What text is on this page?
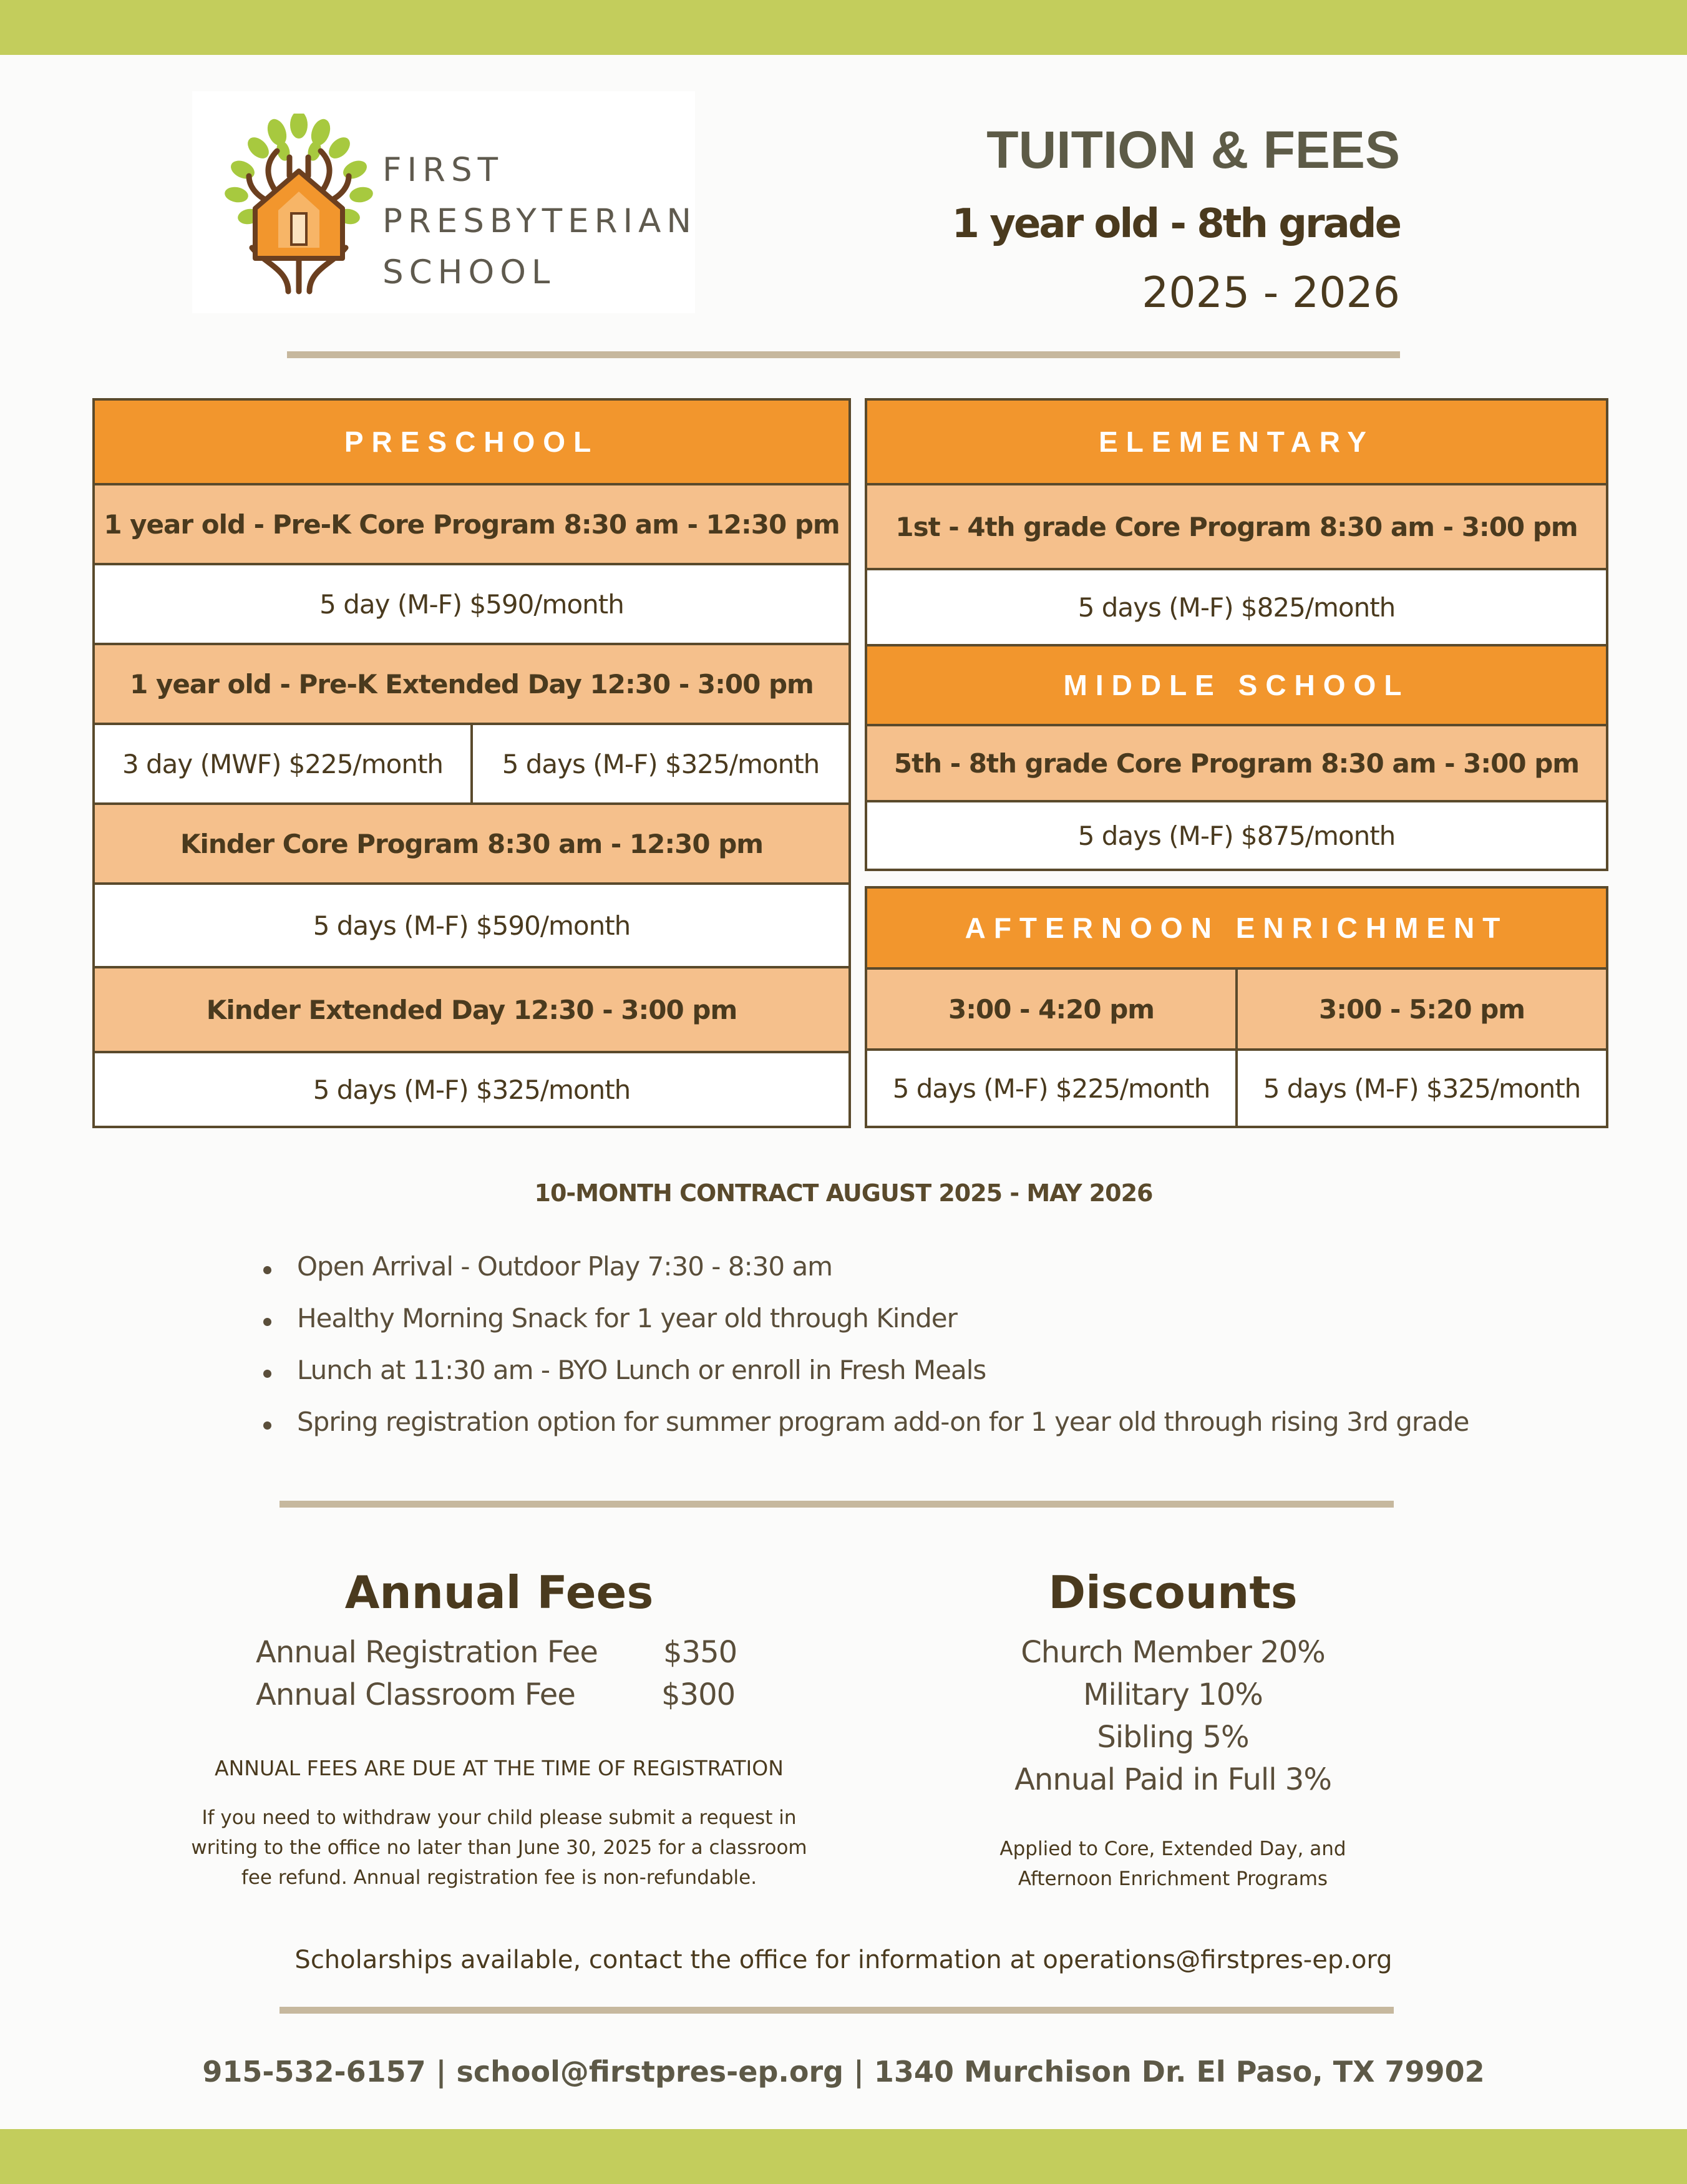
FIRST
PRESBYTERIAN
SCHOOL
TUITION & FEES
1 year old - 8th grade
2025 - 2026
PRESCHOOL
1 year old - Pre-K Core Program 8:30 am - 12:30 pm
5 day (M-F) $590/month
1 year old - Pre-K Extended Day 12:30 - 3:00 pm
3 day (MWF) $225/month	5 days (M-F) $325/month
Kinder Core Program 8:30 am - 12:30 pm
5 days (M-F) $590/month
Kinder Extended Day 12:30 - 3:00 pm
5 days (M-F) $325/month
ELEMENTARY
1st - 4th grade Core Program 8:30 am - 3:00 pm
5 days (M-F) $825/month
MIDDLE SCHOOL
5th - 8th grade Core Program 8:30 am - 3:00 pm
5 days (M-F) $875/month
AFTERNOON ENRICHMENT
3:00 - 4:20 pm	3:00 - 5:20 pm
5 days (M-F) $225/month	5 days (M-F) $325/month
10-MONTH CONTRACT AUGUST 2025 - MAY 2026
Open Arrival - Outdoor Play 7:30 - 8:30 am
Healthy Morning Snack for 1 year old through Kinder
Lunch at 11:30 am - BYO Lunch or enroll in Fresh Meals
Spring registration option for summer program add-on for 1 year old through rising 3rd grade
Annual Fees
Annual Registration Fee $350
Annual Classroom Fee	$300
ANNUAL FEES ARE DUE AT THE TIME OF REGISTRATION
If you need to withdraw your child please submit a request in
writing to the office no later than June 30, 2025 for a classroom
fee refund. Annual registration fee is non-refundable.
Discounts
Church Member 20%
Military 10%
Sibling 5%
Annual Paid in Full 3%
Applied to Core, Extended Day, and
Afternoon Enrichment Programs
Scholarships available, contact the office for information at operations@firstpres-ep.org
915-532-6157 | school@firstpres-ep.org | 1340 Murchison Dr. El Paso, TX 79902
